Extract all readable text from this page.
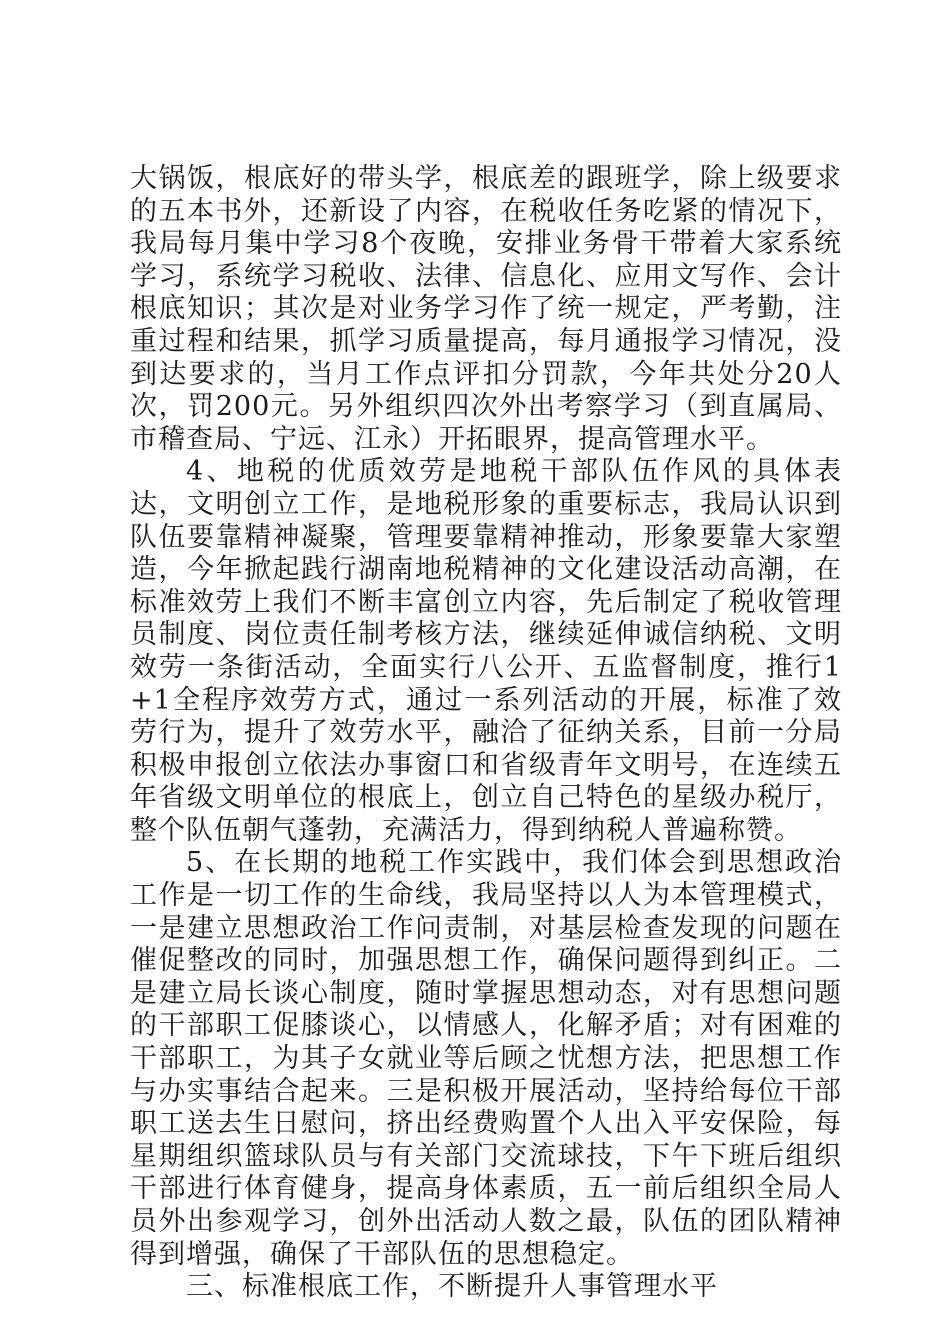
大锅饭，根底好的带头学，根底差的跟班学，除上级要求的五本书外，还新设了内容，在税收任务吃紧的情况下，我局每月集中学习8个夜晚，安排业务骨干带着大家系统学习，系统学习税收、法律、信息化、应用文写作、会计根底知识；其次是对业务学习作了统一规定，严考勤，注重过程和结果，抓学习质量提高，每月通报学习情况，没到达要求的，当月工作点评扣分罚款，今年共处分20人次，罚200元。另外组织四次外出考察学习（到直属局、市稽查局、宁远、江永）开拓眼界，提高管理水平。

4、地税的优质效劳是地税干部队伍作风的具体表达，文明创立工作，是地税形象的重要标志，我局认识到队伍要靠精神凝聚，管理要靠精神推动，形象要靠大家塑造，今年掀起践行湖南地税精神的文化建设活动高潮，在标准效劳上我们不断丰富创立内容，先后制定了税收管理员制度、岗位责任制考核方法，继续延伸诚信纳税、文明效劳一条街活动，全面实行八公开、五监督制度，推行1+1全程序效劳方式，通过一系列活动的开展，标准了效劳行为，提升了效劳水平，融洽了征纳关系，目前一分局积极申报创立依法办事窗口和省级青年文明号，在连续五年省级文明单位的根底上，创立自己特色的星级办税厅，整个队伍朝气蓬勃，充满活力，得到纳税人普遍称赞。

5、在长期的地税工作实践中，我们体会到思想政治工作是一切工作的生命线，我局坚持以人为本管理模式，一是建立思想政治工作问责制，对基层检查发现的问题在催促整改的同时，加强思想工作，确保问题得到纠正。二是建立局长谈心制度，随时掌握思想动态，对有思想问题的干部职工促膝谈心，以情感人，化解矛盾；对有困难的干部职工，为其子女就业等后顾之忧想方法，把思想工作与办实事结合起来。三是积极开展活动，坚持给每位干部职工送去生日慰问，挤出经费购置个人出入平安保险，每星期组织篮球队员与有关部门交流球技，下午下班后组织干部进行体育健身，提高身体素质，五一前后组织全局人员外出参观学习，创外出活动人数之最，队伍的团队精神得到增强，确保了干部队伍的思想稳定。

三、标准根底工作，不断提升人事管理水平
